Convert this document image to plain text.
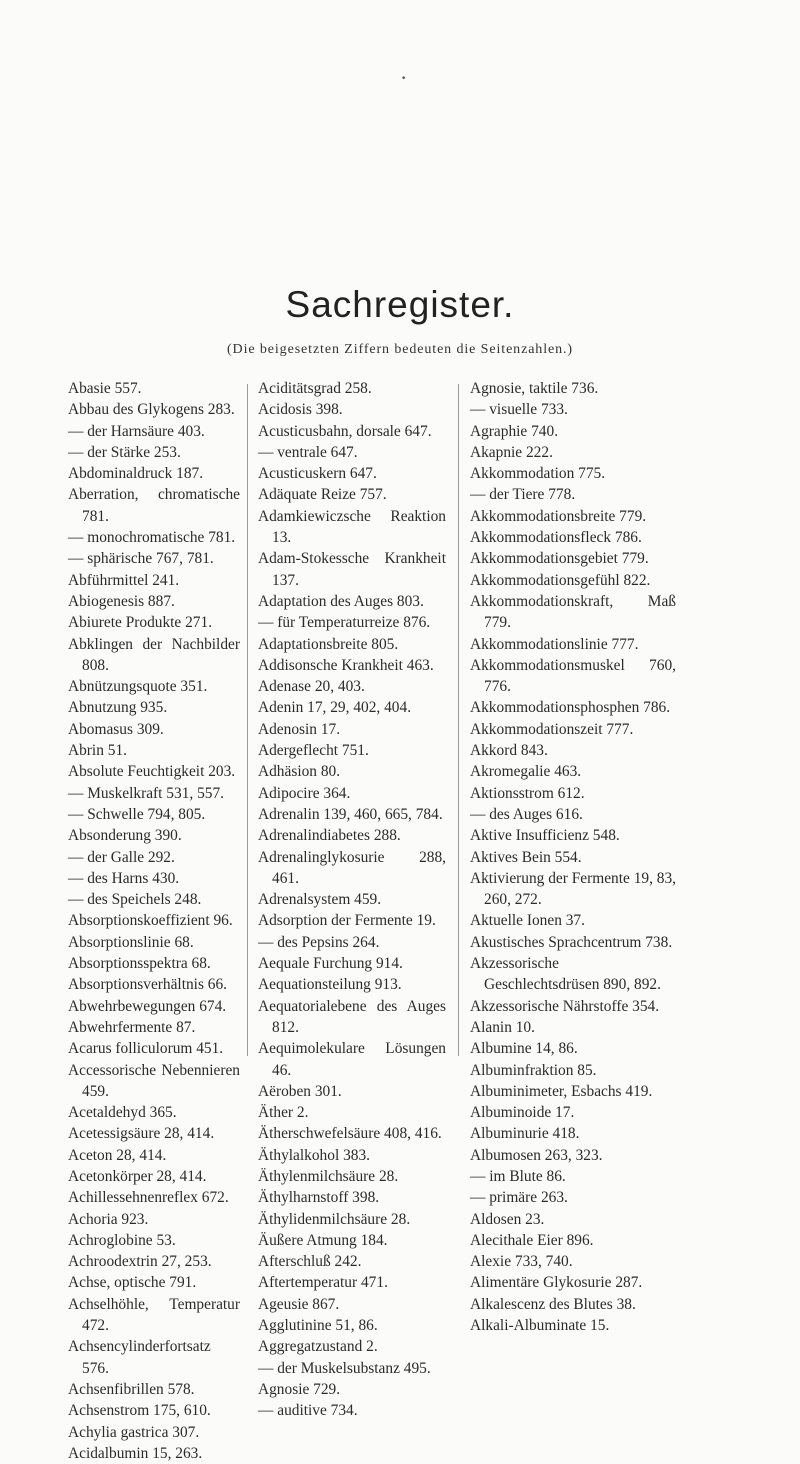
•
Sachregister.

(Die beigesetzten Ziffern bedeuten die Seitenzahlen.)

Abasie 557.
Abbau des Glykogens 283.
— der Harnsäure 403.
— der Stärke 253.
Abdominaldruck 187.
Aberration, chromatische 781.
— monochromatische 781.
— sphärische 767, 781.
Abführmittel 241.
Abiogenesis 887.
Abiurete Produkte 271.
Abklingen der Nachbilder 808.
Abnützungsquote 351.
Abnutzung 935.
Abomasus 309.
Abrin 51.
Absolute Feuchtigkeit 203.
— Muskelkraft 531, 557.
— Schwelle 794, 805.
Absonderung 390.
— der Galle 292.
— des Harns 430.
— des Speichels 248.
Absorptionskoeffizient 96.
Absorptionslinie 68.
Absorptionsspektra 68.
Absorptionsverhältnis 66.
Abwehrbewegungen 674.
Abwehrfermente 87.
Acarus folliculorum 451.
Accessorische Nebennieren 459.
Acetaldehyd 365.
Acetessigsäure 28, 414.
Aceton 28, 414.
Acetonkörper 28, 414.
Achillessehnenreflex 672.
Achoria 923.
Achroglobine 53.
Achroodextrin 27, 253.
Achse, optische 791.
Achselhöhle, Temperatur 472.
Achsencylinderfortsatz 576.
Achsenfibrillen 578.
Achsenstrom 175, 610.
Achylia gastrica 307.
Acidalbumin 15, 263.
Aciditätsgrad 258.
Acidosis 398.
Acusticusbahn, dorsale 647.
— ventrale 647.
Acusticuskern 647.
Adäquate Reize 757.
Adamkiewiczsche Reaktion 13.
Adam-Stokessche Krankheit 137.
Adaptation des Auges 803.
— für Temperaturreize 876.
Adaptationsbreite 805.
Addisonsche Krankheit 463.
Adenase 20, 403.
Adenin 17, 29, 402, 404.
Adenosin 17.
Adergeflecht 751.
Adhäsion 80.
Adipocire 364.
Adrenalin 139, 460, 665, 784.
Adrenalindiabetes 288.
Adrenalinglykosurie 288, 461.
Adrenalsystem 459.
Adsorption der Fermente 19.
— des Pepsins 264.
Aequale Furchung 914.
Aequationsteilung 913.
Aequatorialebene des Auges 812.
Aequimolekulare Lösungen 46.
Aëroben 301.
Äther 2.
Ätherschwefelsäure 408, 416.
Äthylalkohol 383.
Äthylenmilchsäure 28.
Äthylharnstoff 398.
Äthylidenmilchsäure 28.
Äußere Atmung 184.
Afterschluß 242.
Aftertemperatur 471.
Ageusie 867.
Agglutinine 51, 86.
Aggregatzustand 2.
— der Muskelsubstanz 495.
Agnosie 729.
— auditive 734.
Agnosie, taktile 736.
— visuelle 733.
Agraphie 740.
Akapnie 222.
Akkommodation 775.
— der Tiere 778.
Akkommodationsbreite 779.
Akkommodationsfleck 786.
Akkommodationsgebiet 779.
Akkommodationsgefühl 822.
Akkommodationskraft, Maß 779.
Akkommodationslinie 777.
Akkommodationsmuskel 760, 776.
Akkommodationsphosphen 786.
Akkommodationszeit 777.
Akkord 843.
Akromegalie 463.
Aktionsstrom 612.
— des Auges 616.
Aktive Insufficienz 548.
Aktives Bein 554.
Aktivierung der Fermente 19, 83, 260, 272.
Aktuelle Ionen 37.
Akustisches Sprachcentrum 738.
Akzessorische Geschlechtsdrüsen 890, 892.
Akzessorische Nährstoffe 354.
Alanin 10.
Albumine 14, 86.
Albuminfraktion 85.
Albuminimeter, Esbachs 419.
Albuminoide 17.
Albuminurie 418.
Albumosen 263, 323.
— im Blute 86.
— primäre 263.
Aldosen 23.
Alecithale Eier 896.
Alexie 733, 740.
Alimentäre Glykosurie 287.
Alkalescenz des Blutes 38.
Alkali-Albuminate 15.
